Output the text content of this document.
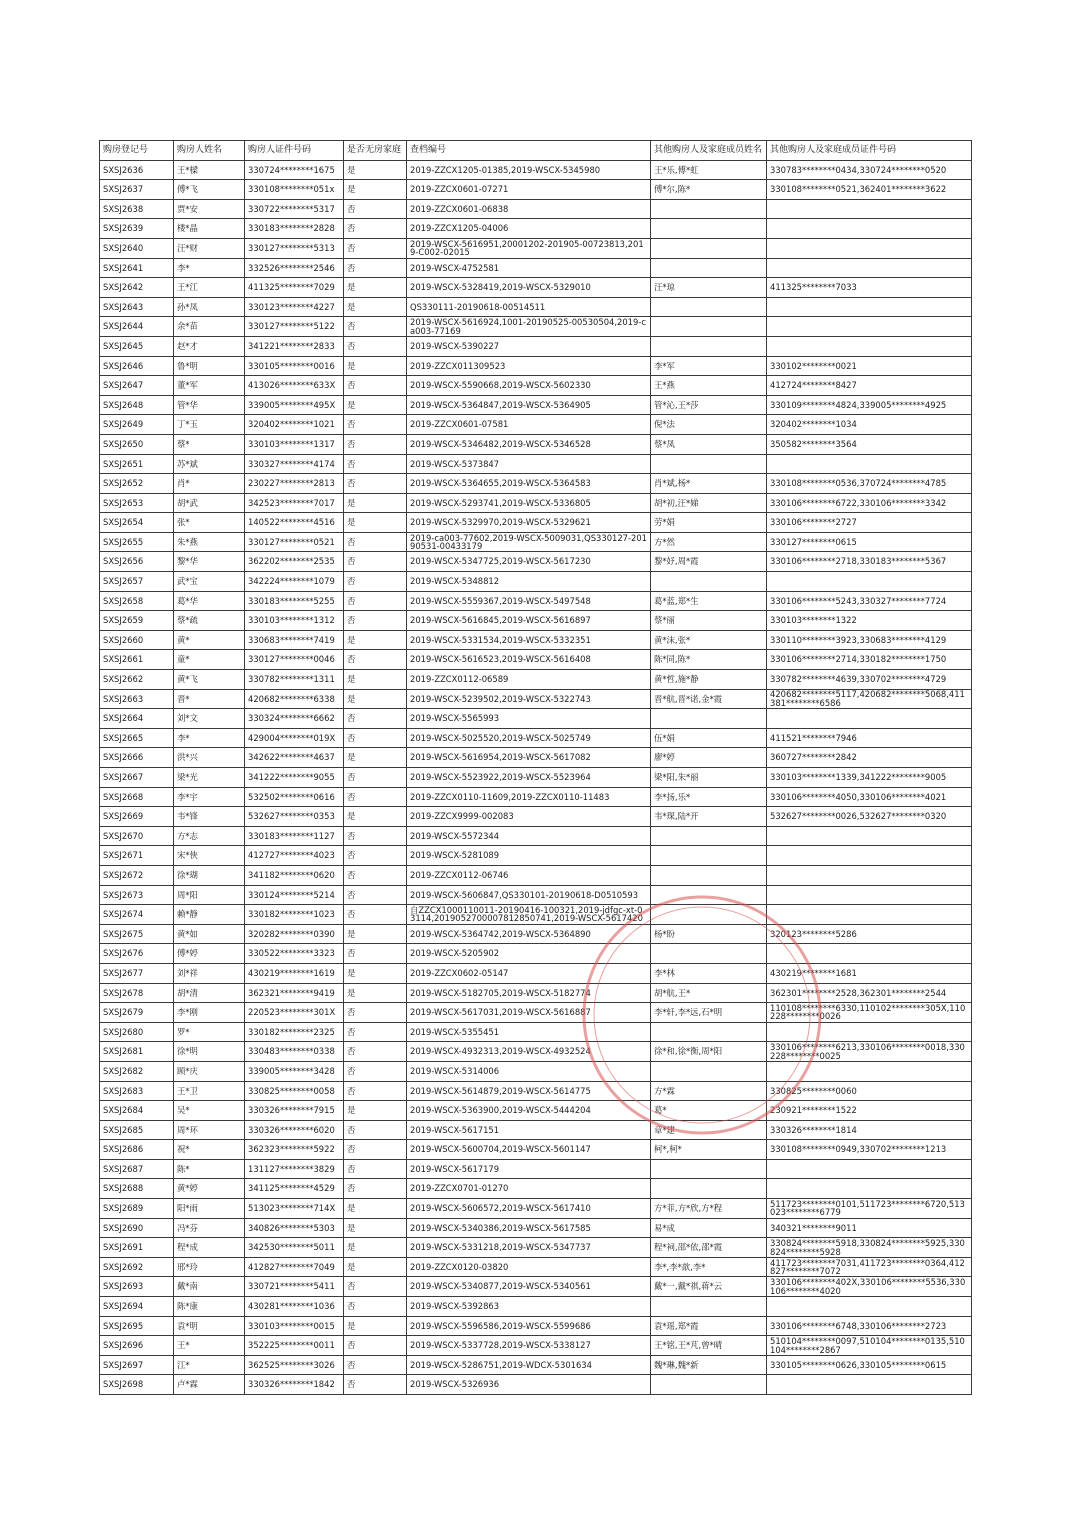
购房登记号	购房人姓名	购房人证件号码	是否无房家庭	查档编号	其他购房人及家庭成员姓名	其他购房人及家庭成员证件号码
SXSJ2636	王*樑	330724********1675	是	2019-ZZCX1205-01385,2019-WSCX-5345980	王*乐,傅*虹	330783********0434,330724********0520
SXSJ2637	傅*飞	330108********051x	是	2019-ZZCX0601-07271	傅*尔,陈*	330108********0521,362401********3622
SXSJ2638	贾*安	330722********5317	否	2019-ZZCX0601-06838		
SXSJ2639	楼*晶	330183********2828	否	2019-ZZCX1205-04006		
SXSJ2640	汪*财	330127********5313	否	2019-WSCX-5616951,20001202-201905-00723813,2019-C002-02015		
SXSJ2641	李*	332526********2546	否	2019-WSCX-4752581		
SXSJ2642	王*江	411325********7029	是	2019-WSCX-5328419,2019-WSCX-5329010	汪*琼	411325********7033
SXSJ2643	孙*凤	330123********4227	是	QS330111-20190618-00514511		
SXSJ2644	余*苗	330127********5122	否	2019-WSCX-5616924,1001-20190525-00530504,2019-ca003-77169		
SXSJ2645	赵*才	341221********2833	否	2019-WSCX-5390227		
SXSJ2646	鲁*明	330105********0016	是	2019-ZZCX011309523	李*军	330102********0021
SXSJ2647	董*军	413026********633X	否	2019-WSCX-5590668,2019-WSCX-5602330	王*燕	412724********8427
SXSJ2648	管*华	339005********495X	是	2019-WSCX-5364847,2019-WSCX-5364905	管*沁,王*莎	330109********4824,339005********4925
SXSJ2649	丁*玉	320402********1021	否	2019-ZZCX0601-07581	倪*法	320402********1034
SXSJ2650	蔡*	330103********1317	否	2019-WSCX-5346482,2019-WSCX-5346528	蔡*凤	350582********3564
SXSJ2651	苏*斌	330327********4174	否	2019-WSCX-5373847		
SXSJ2652	肖*	230227********2813	否	2019-WSCX-5364655,2019-WSCX-5364583	肖*斌,杨*	330108********0536,370724********4785
SXSJ2653	胡*武	342523********7017	是	2019-WSCX-5293741,2019-WSCX-5336805	胡*初,汪*娣	330106********6722,330106********3342
SXSJ2654	张*	140522********4516	是	2019-WSCX-5329970,2019-WSCX-5329621	劳*娟	330106********2727
SXSJ2655	朱*燕	330127********0521	否	2019-ca003-77602,2019-WSCX-5009031,QS330127-20190531-00433179	方*然	330127********0615
SXSJ2656	黎*华	362202********2535	否	2019-WSCX-5347725,2019-WSCX-5617230	黎*妤,周*霞	330106********2718,330183********5367
SXSJ2657	武*宝	342224********1079	否	2019-WSCX-5348812		
SXSJ2658	葛*华	330183********5255	否	2019-WSCX-5559367,2019-WSCX-5497548	葛*蓝,郑*生	330106********5243,330327********7724
SXSJ2659	蔡*疏	330103********1312	否	2019-WSCX-5616845,2019-WSCX-5616897	蔡*丽	330103********1322
SXSJ2660	黄*	330683********7419	是	2019-WSCX-5331534,2019-WSCX-5332351	黄*沫,张*	330110********3923,330683********4129
SXSJ2661	童*	330127********0046	否	2019-WSCX-5616523,2019-WSCX-5616408	陈*同,陈*	330106********2714,330182********1750
SXSJ2662	黄*飞	330782********1311	是	2019-ZZCX0112-06589	黄*哲,施*静	330782********4639,330702********4729
SXSJ2663	晋*	420682********6338	是	2019-WSCX-5239502,2019-WSCX-5322743	晋*航,晋*诺,金*霞	420682********5117,420682********5068,411381********6586
SXSJ2664	刘*文	330324********6662	否	2019-WSCX-5565993		
SXSJ2665	李*	429004********019X	否	2019-WSCX-5025520,2019-WSCX-5025749	伍*娟	411521********7946
SXSJ2666	洪*兴	342622********4637	是	2019-WSCX-5616954,2019-WSCX-5617082	廖*婷	360727********2842
SXSJ2667	梁*光	341222********9055	否	2019-WSCX-5523922,2019-WSCX-5523964	梁*阳,朱*丽	330103********1339,341222********9005
SXSJ2668	李*宇	532502********0616	否	2019-ZZCX0110-11609,2019-ZZCX0110-11483	李*扬,乐*	330106********4050,330106********4021
SXSJ2669	韦*锋	532627********0353	是	2019-ZZCX9999-002083	韦*琛,陆*开	532627********0026,532627********0320
SXSJ2670	方*志	330183********1127	否	2019-WSCX-5572344		
SXSJ2671	宋*俠	412727********4023	否	2019-WSCX-5281089		
SXSJ2672	徐*瑚	341182********0620	否	2019-ZZCX0112-06746		
SXSJ2673	周*阳	330124********5214	否	2019-WSCX-5606847,QS330101-20190618-D0510593		
SXSJ2674	赖*静	330182********1023	否	自ZZCX1000110011-20190416-100321,2019-jdfgc-xt-03114,2019052700007812850741,2019-WSCX-5617420		
SXSJ2675	黄*如	320282********0390	是	2019-WSCX-5364742,2019-WSCX-5364890	杨*盼	320123********5286
SXSJ2676	傅*婷	330522********3323	否	2019-WSCX-5205902		
SXSJ2677	刘*祥	430219********1619	是	2019-ZZCX0602-05147	李*林	430219********1681
SXSJ2678	胡*清	362321********9419	是	2019-WSCX-5182705,2019-WSCX-5182774	胡*航,王*	362301********2528,362301********2544
SXSJ2679	李*刚	220523********301X	否	2019-WSCX-5617031,2019-WSCX-5616887	李*轩,李*远,石*明	110108********6330,110102********305X,110228********0026
SXSJ2680	罗*	330182********2325	否	2019-WSCX-5355451		
SXSJ2681	徐*明	330483********0338	否	2019-WSCX-4932313,2019-WSCX-4932524	徐*和,徐*衡,周*阳	330106********6213,330106********0018,330228********0025
SXSJ2682	顾*庆	339005********3428	否	2019-WSCX-5314006		
SXSJ2683	王*卫	330825********0058	否	2019-WSCX-5614879,2019-WSCX-5614775	方*霖	330825********0060
SXSJ2684	吴*	330326********7915	是	2019-WSCX-5363900,2019-WSCX-5444204	葛*	230921********1522
SXSJ2685	周*环	330326********6020	否	2019-WSCX-5617151	章*建	330326********1814
SXSJ2686	祝*	362323********5922	否	2019-WSCX-5600704,2019-WSCX-5601147	柯*,柯*	330108********0949,330702********1213
SXSJ2687	陈*	131127********3829	否	2019-WSCX-5617179		
SXSJ2688	黄*婷	341125********4529	否	2019-ZZCX0701-01270		
SXSJ2689	阳*雨	513023********714X	是	2019-WSCX-5606572,2019-WSCX-5617410	方*菲,方*欣,方*程	511723********0101,511723********6720,513023********6779
SXSJ2690	冯*芬	340826********5303	是	2019-WSCX-5340386,2019-WSCX-5617585	易*成	340321********9011
SXSJ2691	程*成	342530********5011	是	2019-WSCX-5331218,2019-WSCX-5347737	程*祠,邵*依,邵*霞	330824********5918,330824********5925,330824********5928
SXSJ2692	邢*玲	412827********7049	是	2019-ZZCX0120-03820	李*,李*歆,李*	411723********7031,411723********0364,412827********7072
SXSJ2693	戴*南	330721********5411	否	2019-WSCX-5340877,2019-WSCX-5340561	戴*一,戴*祺,蒋*云	330106********402X,330106********5536,330106********4020
SXSJ2694	陈*康	430281********1036	否	2019-WSCX-5392863		
SXSJ2695	袁*明	330103********0015	是	2019-WSCX-5596586,2019-WSCX-5599686	袁*瑶,郑*霞	330106********6748,330106********2723
SXSJ2696	王*	352225********0011	否	2019-WSCX-5337728,2019-WSCX-5338127	王*铭,王*芃,曾*晴	510104********0097,510104********0135,510104********2867
SXSJ2697	江*	362525********3026	否	2019-WSCX-5286751,2019-WDCX-5301634	魏*琳,魏*新	330105********0626,330105********0615
SXSJ2698	卢*霖	330326********1842	否	2019-WSCX-5326936		
